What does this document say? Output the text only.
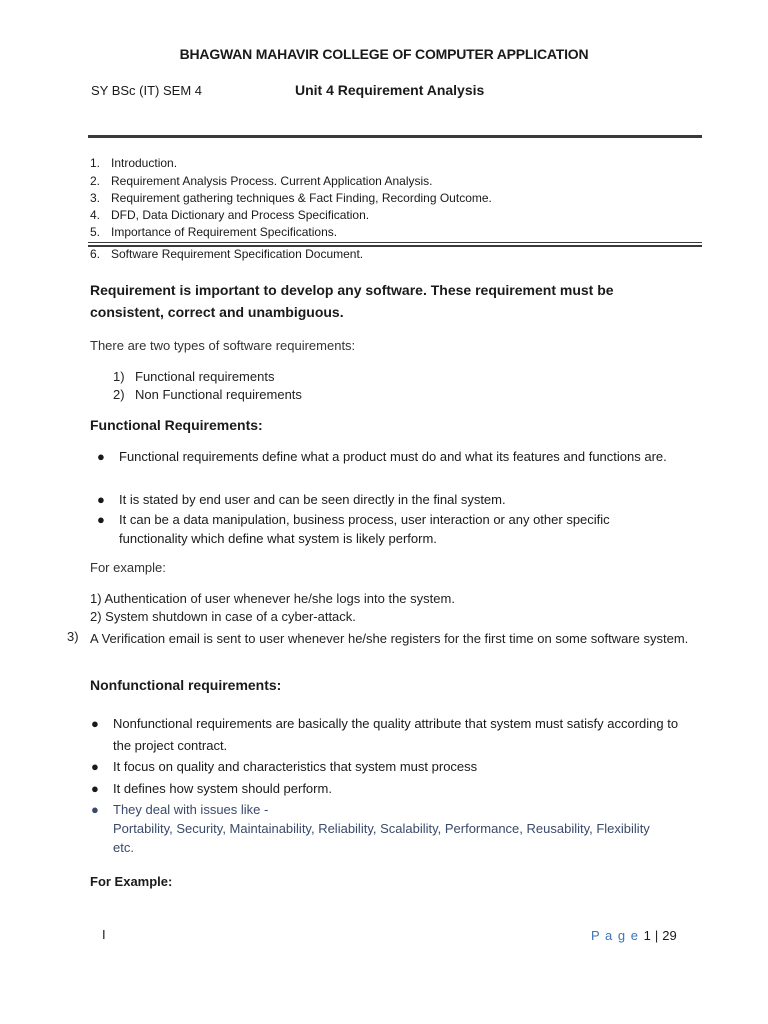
BHAGWAN MAHAVIR COLLEGE OF COMPUTER APPLICATION
SY BSc (IT) SEM 4	Unit 4 Requirement Analysis
1. Introduction.
2. Requirement Analysis Process. Current Application Analysis.
3. Requirement gathering techniques & Fact Finding, Recording Outcome.
4. DFD, Data Dictionary and Process Specification.
5. Importance of Requirement Specifications.
6. Software Requirement Specification Document.
Requirement is important to develop any software. These requirement must be consistent, correct and unambiguous.
There are two types of software requirements:
1) Functional requirements
2) Non Functional requirements
Functional Requirements:
● Functional requirements define what a product must do and what its features and functions are.
● It is stated by end user and can be seen directly in the final system.
● It can be a data manipulation, business process, user interaction or any other specific functionality which define what system is likely perform.
For example:
1) Authentication of user whenever he/she logs into the system.
2) System shutdown in case of a cyber-attack.
3) A Verification email is sent to user whenever he/she registers for the first time on some software system.
Nonfunctional requirements:
● Nonfunctional requirements are basically the quality attribute that system must satisfy according to the project contract.
● It focus on quality and characteristics that system must process
● It defines how system should perform.
● They deal with issues like -
Portability, Security, Maintainability, Reliability, Scalability, Performance, Reusability, Flexibility etc.
For Example:
I	P a g e 1 | 29
